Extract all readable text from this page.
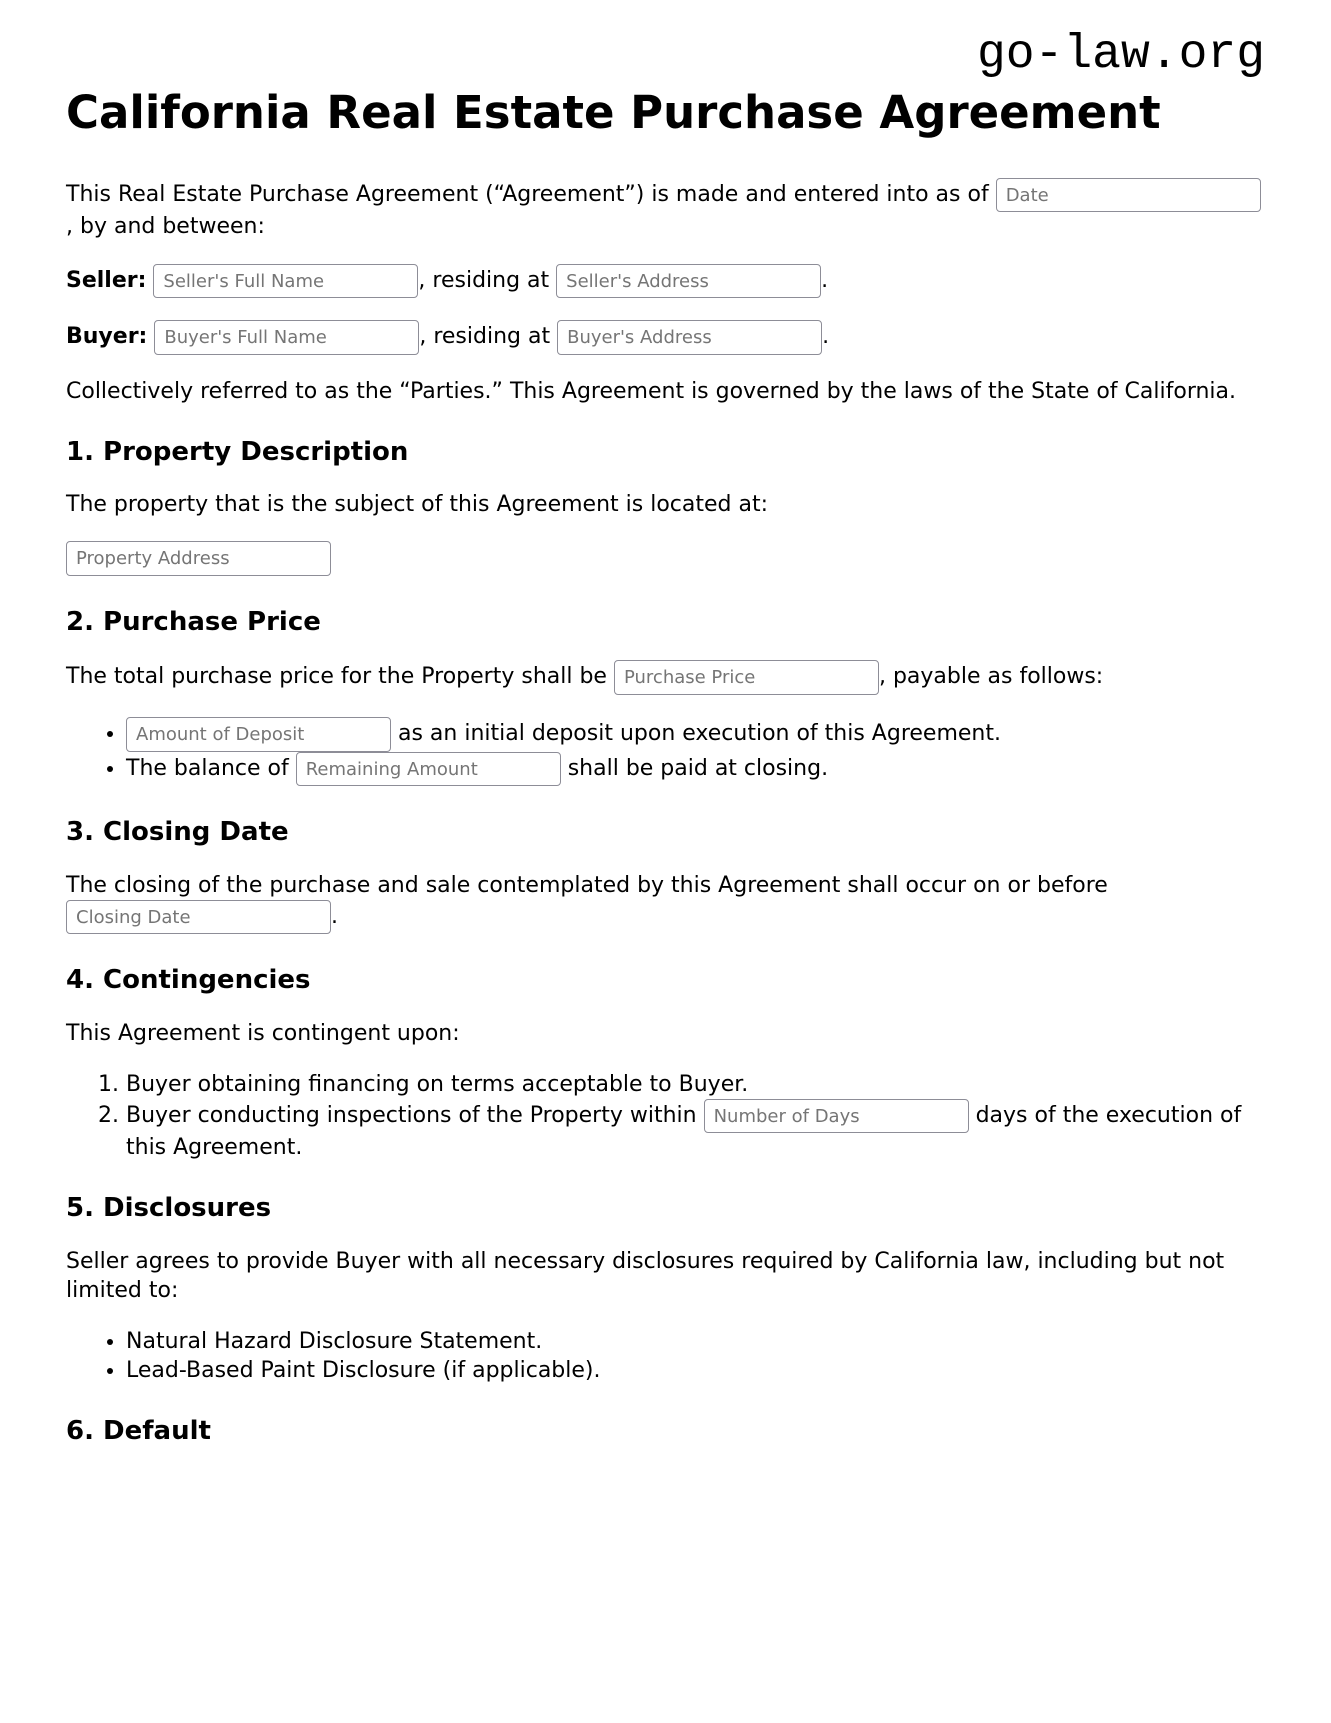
go-law.org
California Real Estate Purchase Agreement

This Real Estate Purchase Agreement (“Agreement”) is made and entered into as of Date, by and between:

Seller: Seller's Full Name	, residing at Seller's Address	.

Buyer: Buyer's Full Name	, residing at Buyer's Address	.

Collectively referred to as the “Parties.” This Agreement is governed by the laws of the State of California.

1. Property Description

The property that is the subject of this Agreement is located at:

Property Address

2. Purchase Price

The total purchase price for the Property shall be Purchase Price	, payable as follows:

Amount of Deposit • as an initial deposit upon execution of this Agreement.
• The balance of Remaining Amount	shall be paid at closing.
3. Closing Date

The closing of the purchase and sale contemplated by this Agreement shall occur on or before Closing Date.

4. Contingencies

This Agreement is contingent upon:

1. Buyer obtaining financing on terms acceptable to Buyer.
2. Buyer conducting inspections of the Property within Number of Days	days of the execution of this Agreement.
5. Disclosures

Seller agrees to provide Buyer with all necessary disclosures required by California law, including but not limited to:

• Natural Hazard Disclosure Statement.
• Lead-Based Paint Disclosure (if applicable).
6. Default
